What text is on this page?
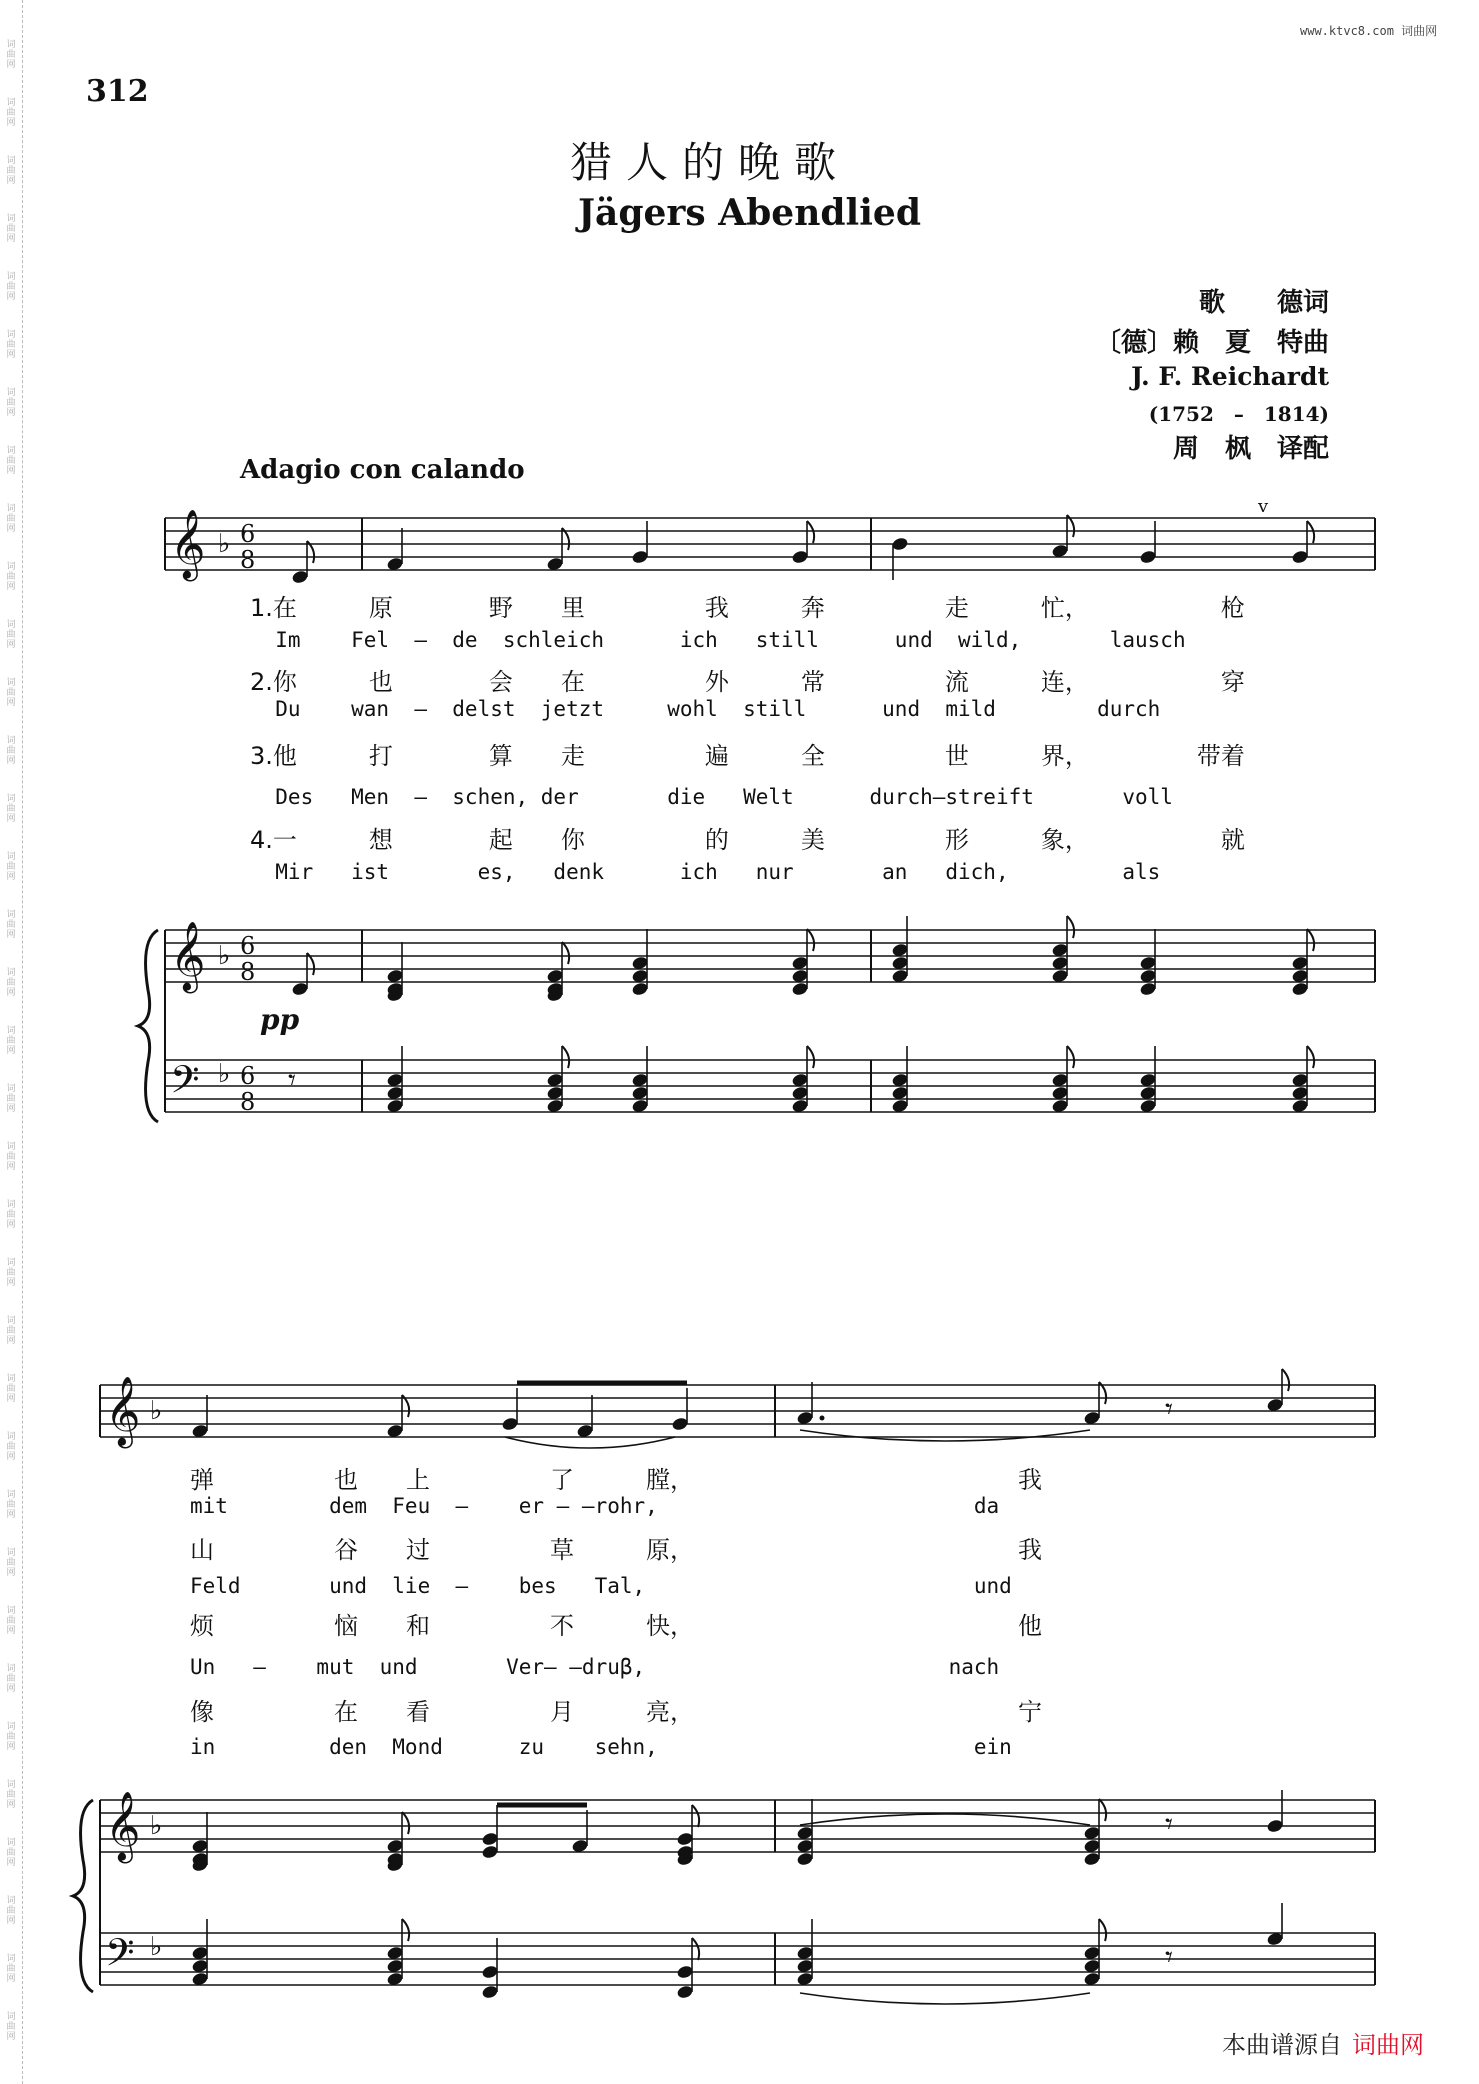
词曲网
词曲网
词曲网
词曲网
词曲网
词曲网
词曲网
词曲网
词曲网
词曲网
词曲网
词曲网
词曲网
词曲网
词曲网
词曲网
词曲网
词曲网
词曲网
词曲网
词曲网
词曲网
词曲网
词曲网
词曲网
词曲网
词曲网
词曲网
词曲网
词曲网
词曲网
词曲网
词曲网
词曲网
词曲网
www.ktvc8.com 词曲网
312
猎人的晚歌
Jägers Abendlied
歌　　德词
〔德〕赖　夏　特曲
J. F. Reichardt
(1752　–　1814)
周　枫　译配
Adagio con calando
𝄞 ♭ 6
8
𝄞 ♭ 6
8
𝄢 ♭ 6
8
v
𝄾
𝄞 ♭
𝄞 ♭
𝄢 ♭
𝄾
𝄾
𝄾
1.在　　　原　　　　野　　里　　　　　我　　　奔　　　　　走　　　忙，　　　　　　枪
Im    Fel  —  de  schleich      ich   still      und  wild,       lausch
2.你　　　也　　　　会　　在　　　　　外　　　常　　　　　流　　　连，　　　　　　穿
Du    wan  —  delst  jetzt     wohl  still      und  mild        durch
3.他　　　打　　　　算　　走　　　　　遍　　　全　　　　　世　　　界，　　　　　带着
Des   Men  —  schen, der       die   Welt      durch—streift       voll
4.一　　　想　　　　起　　你　　　　　的　　　美　　　　　形　　　象，　　　　　　就
Mir   ist       es,   denk      ich   nur       an   dich,         als
pp
弹　　　　　也　　上　　　　　了　　　膛，　　　　　　　　　　　　　　我
mit        dem  Feu  —    er — —rohr,                         da
山　　　　　谷　　过　　　　　草　　　原，　　　　　　　　　　　　　　我
Feld       und  lie  —    bes   Tal,                          und
烦　　　　　恼　　和　　　　　不　　　快，　　　　　　　　　　　　　　他
Un   —    mut  und       Ver— —druβ,                        nach
像　　　　　在　　看　　　　　月　　　亮，　　　　　　　　　　　　　　宁
in         den  Mond      zu    sehn,                         ein
本曲谱源自 词曲网
